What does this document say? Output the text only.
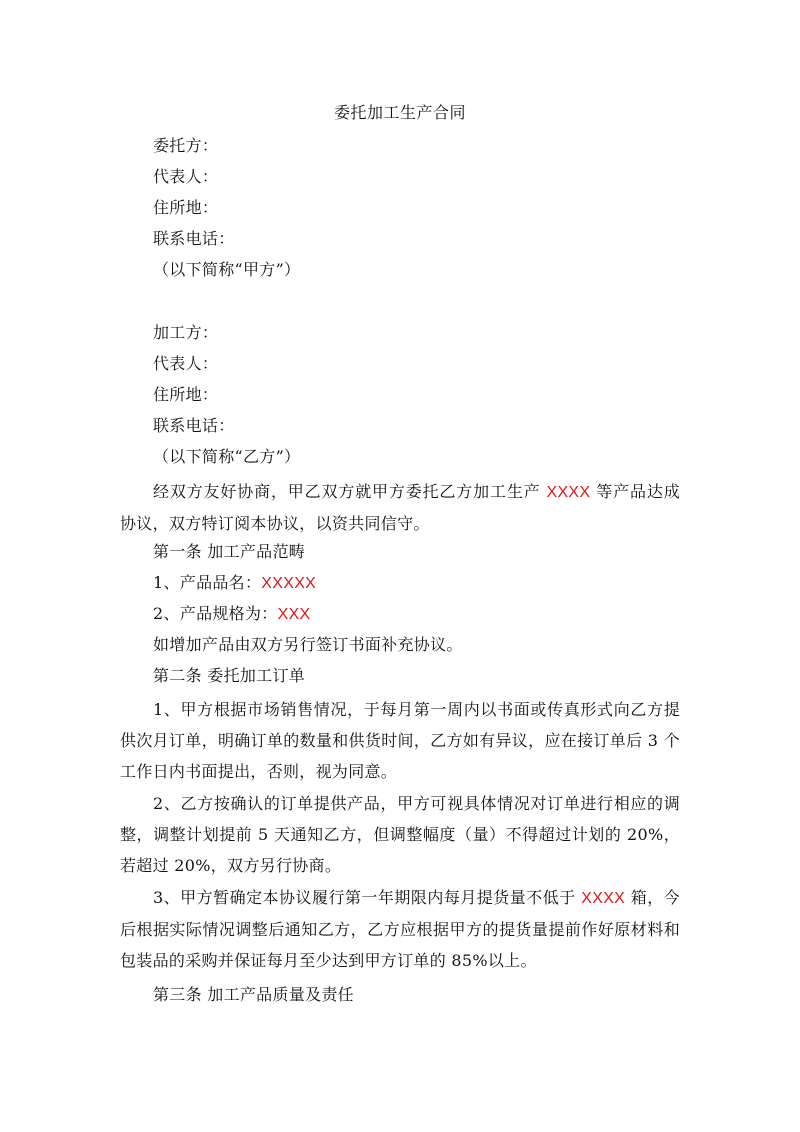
委托加工生产合同
委托方：
代表人：
住所地：
联系电话：
（以下简称“甲方”）
加工方：
代表人：
住所地：
联系电话：
（以下简称“乙方”）
经双方友好协商，甲乙双方就甲方委托乙方加工生产 XXXX 等产品达成协议，双方特订阅本协议，以资共同信守。
第一条 加工产品范畴
1、产品品名：XXXXX
2、产品规格为：XXX
如增加产品由双方另行签订书面补充协议。
第二条 委托加工订单
1、甲方根据市场销售情况，于每月第一周内以书面或传真形式向乙方提供次月订单，明确订单的数量和供货时间，乙方如有异议，应在接订单后 3 个工作日内书面提出，否则，视为同意。
2、乙方按确认的订单提供产品，甲方可视具体情况对订单进行相应的调整，调整计划提前 5 天通知乙方，但调整幅度（量）不得超过计划的 20%，若超过 20%，双方另行协商。
3、甲方暂确定本协议履行第一年期限内每月提货量不低于 XXXX 箱，今后根据实际情况调整后通知乙方，乙方应根据甲方的提货量提前作好原材料和包装品的采购并保证每月至少达到甲方订单的 85%以上。
第三条 加工产品质量及责任
